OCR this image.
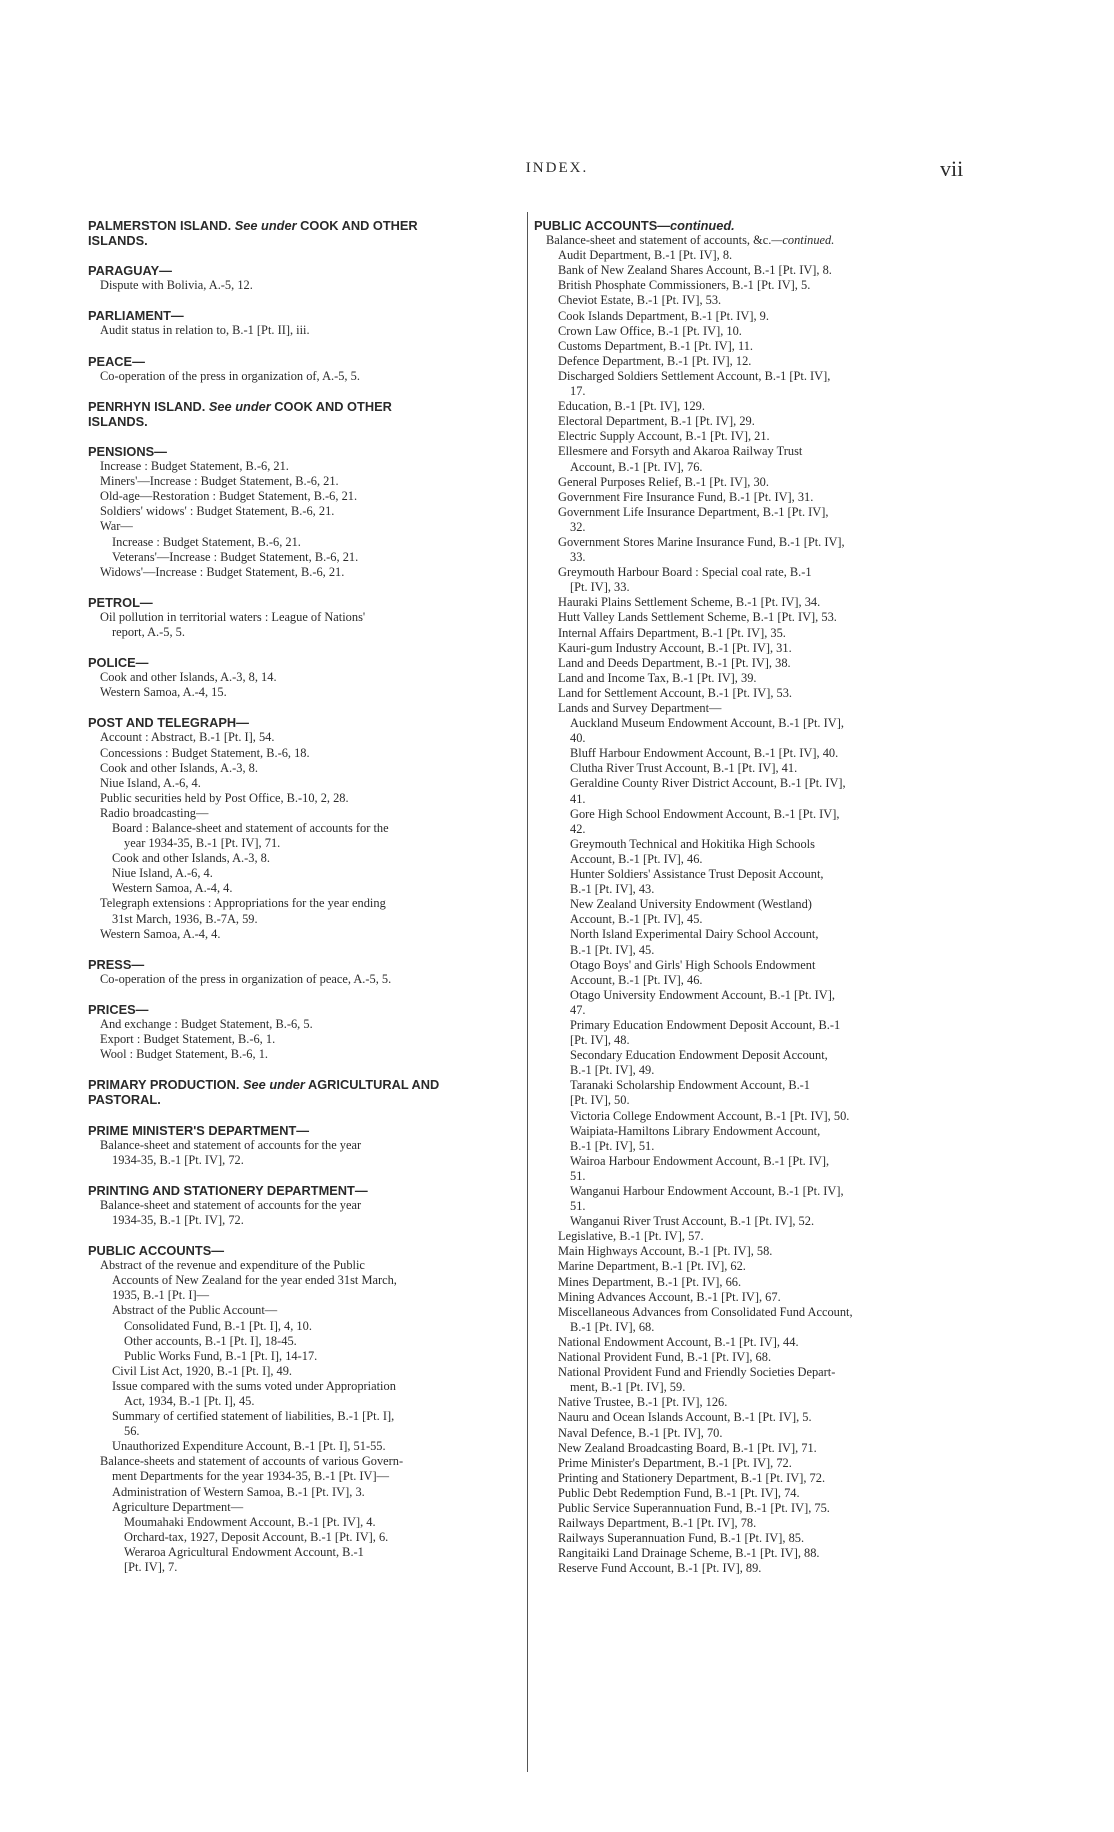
INDEX.	vii
PALMERSTON ISLAND. See under COOK AND OTHER
ISLANDS.
PARAGUAY—
Dispute with Bolivia, A.-5, 12.
PARLIAMENT—
Audit status in relation to, B.-1 [Pt. II], iii.
PEACE—
Co-operation of the press in organization of, A.-5, 5.
PENRHYN ISLAND. See under COOK AND OTHER
ISLANDS.
PENSIONS—
Increase : Budget Statement, B.-6, 21.
Miners'—Increase : Budget Statement, B.-6, 21.
Old-age—Restoration : Budget Statement, B.-6, 21.
Soldiers' widows' : Budget Statement, B.-6, 21.
War—
Increase : Budget Statement, B.-6, 21.
Veterans'—Increase : Budget Statement, B.-6, 21.
Widows'—Increase : Budget Statement, B.-6, 21.
PETROL—
Oil pollution in territorial waters : League of Nations'
report, A.-5, 5.
POLICE—
Cook and other Islands, A.-3, 8, 14.
Western Samoa, A.-4, 15.
POST AND TELEGRAPH—
Account : Abstract, B.-1 [Pt. I], 54.
Concessions : Budget Statement, B.-6, 18.
Cook and other Islands, A.-3, 8.
Niue Island, A.-6, 4.
Public securities held by Post Office, B.-10, 2, 28.
Radio broadcasting—
Board : Balance-sheet and statement of accounts for the
year 1934-35, B.-1 [Pt. IV], 71.
Cook and other Islands, A.-3, 8.
Niue Island, A.-6, 4.
Western Samoa, A.-4, 4.
Telegraph extensions : Appropriations for the year ending
31st March, 1936, B.-7A, 59.
Western Samoa, A.-4, 4.
PRESS—
Co-operation of the press in organization of peace, A.-5, 5.
PRICES—
And exchange : Budget Statement, B.-6, 5.
Export : Budget Statement, B.-6, 1.
Wool : Budget Statement, B.-6, 1.
PRIMARY PRODUCTION. See under AGRICULTURAL AND
PASTORAL.
PRIME MINISTER'S DEPARTMENT—
Balance-sheet and statement of accounts for the year
1934-35, B.-1 [Pt. IV], 72.
PRINTING AND STATIONERY DEPARTMENT—
Balance-sheet and statement of accounts for the year
1934-35, B.-1 [Pt. IV], 72.
PUBLIC ACCOUNTS—
Abstract of the revenue and expenditure of the Public
Accounts of New Zealand for the year ended 31st March,
1935, B.-1 [Pt. I]—
Abstract of the Public Account—
Consolidated Fund, B.-1 [Pt. I], 4, 10.
Other accounts, B.-1 [Pt. I], 18-45.
Public Works Fund, B.-1 [Pt. I], 14-17.
Civil List Act, 1920, B.-1 [Pt. I], 49.
Issue compared with the sums voted under Appropriation
Act, 1934, B.-1 [Pt. I], 45.
Summary of certified statement of liabilities, B.-1 [Pt. I],
56.
Unauthorized Expenditure Account, B.-1 [Pt. I], 51-55.
Balance-sheets and statement of accounts of various Govern-
ment Departments for the year 1934-35, B.-1 [Pt. IV]—
Administration of Western Samoa, B.-1 [Pt. IV], 3.
Agriculture Department—
Moumahaki Endowment Account, B.-1 [Pt. IV], 4.
Orchard-tax, 1927, Deposit Account, B.-1 [Pt. IV], 6.
Weraroa Agricultural Endowment Account, B.-1
[Pt. IV], 7.
PUBLIC ACCOUNTS—continued.
Balance-sheet and statement of accounts, &c.—continued.
Audit Department, B.-1 [Pt. IV], 8.
Bank of New Zealand Shares Account, B.-1 [Pt. IV], 8.
British Phosphate Commissioners, B.-1 [Pt. IV], 5.
Cheviot Estate, B.-1 [Pt. IV], 53.
Cook Islands Department, B.-1 [Pt. IV], 9.
Crown Law Office, B.-1 [Pt. IV], 10.
Customs Department, B.-1 [Pt. IV], 11.
Defence Department, B.-1 [Pt. IV], 12.
Discharged Soldiers Settlement Account, B.-1 [Pt. IV],
17.
Education, B.-1 [Pt. IV], 129.
Electoral Department, B.-1 [Pt. IV], 29.
Electric Supply Account, B.-1 [Pt. IV], 21.
Ellesmere and Forsyth and Akaroa Railway Trust
Account, B.-1 [Pt. IV], 76.
General Purposes Relief, B.-1 [Pt. IV], 30.
Government Fire Insurance Fund, B.-1 [Pt. IV], 31.
Government Life Insurance Department, B.-1 [Pt. IV],
32.
Government Stores Marine Insurance Fund, B.-1 [Pt. IV],
33.
Greymouth Harbour Board : Special coal rate, B.-1
[Pt. IV], 33.
Hauraki Plains Settlement Scheme, B.-1 [Pt. IV], 34.
Hutt Valley Lands Settlement Scheme, B.-1 [Pt. IV], 53.
Internal Affairs Department, B.-1 [Pt. IV], 35.
Kauri-gum Industry Account, B.-1 [Pt. IV], 31.
Land and Deeds Department, B.-1 [Pt. IV], 38.
Land and Income Tax, B.-1 [Pt. IV], 39.
Land for Settlement Account, B.-1 [Pt. IV], 53.
Lands and Survey Department—
Auckland Museum Endowment Account, B.-1 [Pt. IV],
40.
Bluff Harbour Endowment Account, B.-1 [Pt. IV], 40.
Clutha River Trust Account, B.-1 [Pt. IV], 41.
Geraldine County River District Account, B.-1 [Pt. IV],
41.
Gore High School Endowment Account, B.-1 [Pt. IV],
42.
Greymouth Technical and Hokitika High Schools
Account, B.-1 [Pt. IV], 46.
Hunter Soldiers' Assistance Trust Deposit Account,
B.-1 [Pt. IV], 43.
New Zealand University Endowment (Westland)
Account, B.-1 [Pt. IV], 45.
North Island Experimental Dairy School Account,
B.-1 [Pt. IV], 45.
Otago Boys' and Girls' High Schools Endowment
Account, B.-1 [Pt. IV], 46.
Otago University Endowment Account, B.-1 [Pt. IV],
47.
Primary Education Endowment Deposit Account, B.-1
[Pt. IV], 48.
Secondary Education Endowment Deposit Account,
B.-1 [Pt. IV], 49.
Taranaki Scholarship Endowment Account, B.-1
[Pt. IV], 50.
Victoria College Endowment Account, B.-1 [Pt. IV], 50.
Waipiata-Hamiltons Library Endowment Account,
B.-1 [Pt. IV], 51.
Wairoa Harbour Endowment Account, B.-1 [Pt. IV],
51.
Wanganui Harbour Endowment Account, B.-1 [Pt. IV],
51.
Wanganui River Trust Account, B.-1 [Pt. IV], 52.
Legislative, B.-1 [Pt. IV], 57.
Main Highways Account, B.-1 [Pt. IV], 58.
Marine Department, B.-1 [Pt. IV], 62.
Mines Department, B.-1 [Pt. IV], 66.
Mining Advances Account, B.-1 [Pt. IV], 67.
Miscellaneous Advances from Consolidated Fund Account,
B.-1 [Pt. IV], 68.
National Endowment Account, B.-1 [Pt. IV], 44.
National Provident Fund, B.-1 [Pt. IV], 68.
National Provident Fund and Friendly Societies Depart-
ment, B.-1 [Pt. IV], 59.
Native Trustee, B.-1 [Pt. IV], 126.
Nauru and Ocean Islands Account, B.-1 [Pt. IV], 5.
Naval Defence, B.-1 [Pt. IV], 70.
New Zealand Broadcasting Board, B.-1 [Pt. IV], 71.
Prime Minister's Department, B.-1 [Pt. IV], 72.
Printing and Stationery Department, B.-1 [Pt. IV], 72.
Public Debt Redemption Fund, B.-1 [Pt. IV], 74.
Public Service Superannuation Fund, B.-1 [Pt. IV], 75.
Railways Department, B.-1 [Pt. IV], 78.
Railways Superannuation Fund, B.-1 [Pt. IV], 85.
Rangitaiki Land Drainage Scheme, B.-1 [Pt. IV], 88.
Reserve Fund Account, B.-1 [Pt. IV], 89.
